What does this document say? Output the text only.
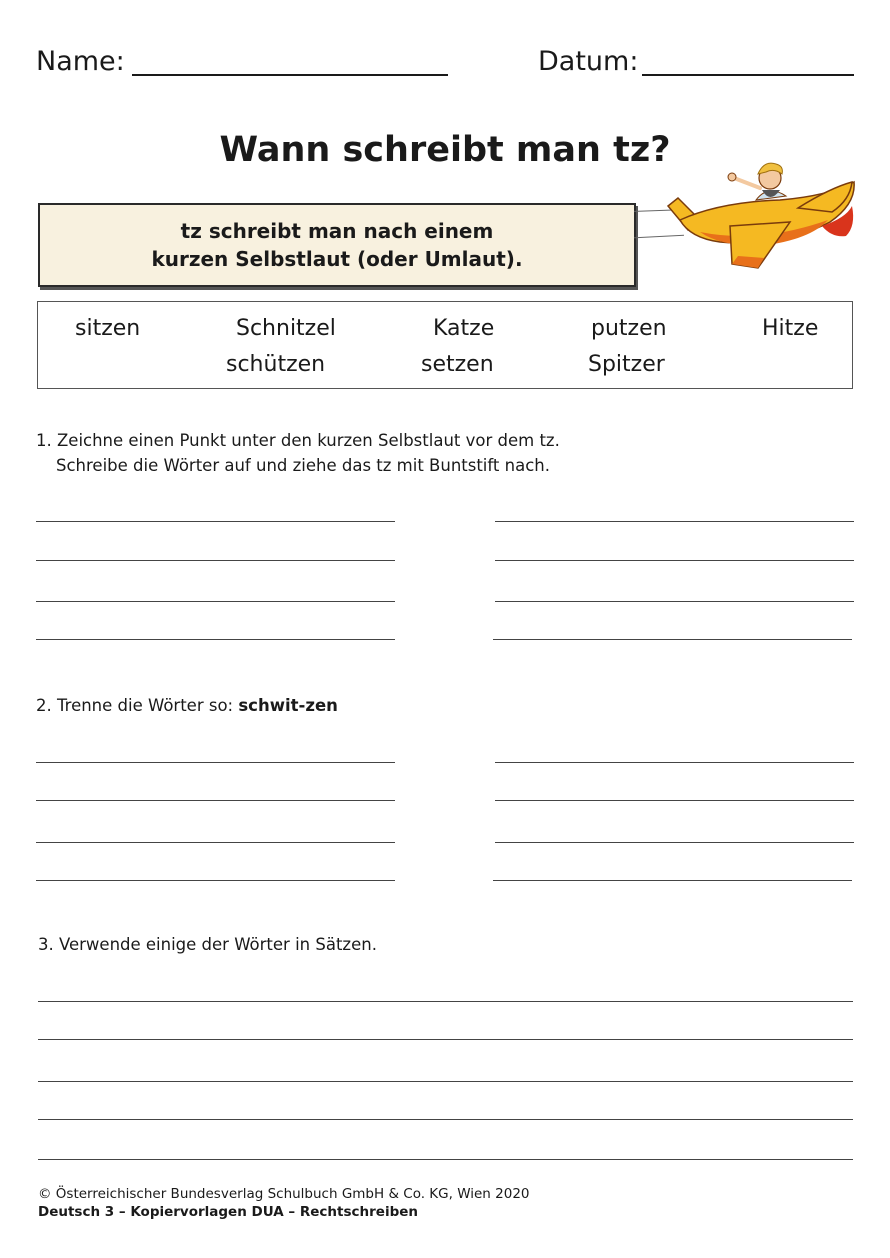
Name:	Datum:
Wann schreibt man tz?
tz schreibt man nach einem
kurzen Selbstlaut (oder Umlaut).
sitzen	Schnitzel	Katze	putzen	Hitze
schützen	setzen	Spitzer
1. Zeichne einen Punkt unter den kurzen Selbstlaut vor dem tz.
Schreibe die Wörter auf und ziehe das tz mit Buntstift nach.
2. Trenne die Wörter so: schwit-zen
3. Verwende einige der Wörter in Sätzen.
© Österreichischer Bundesverlag Schulbuch GmbH & Co. KG, Wien 2020
Deutsch 3 – Kopiervorlagen DUA – Rechtschreiben
